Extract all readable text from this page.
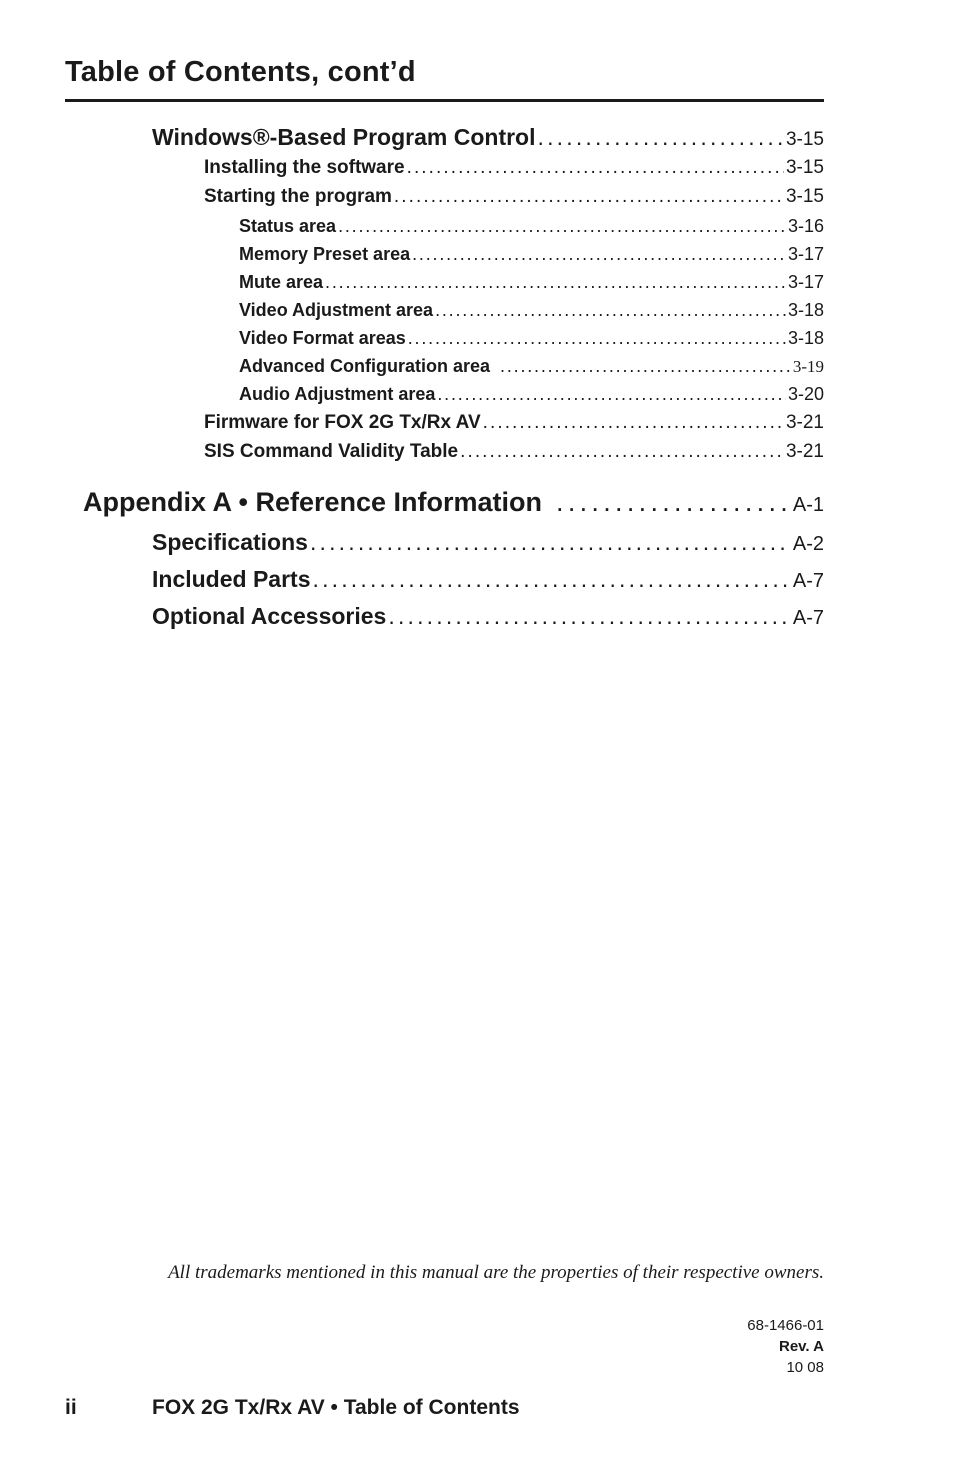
Table of Contents, cont’d
Windows®-Based Program Control . . .	3-15
Installing the software . . .	3-15
Starting the program . . .	3-15
Status area . . .	3-16
Memory Preset area . . .	3-17
Mute area . . .	3-17
Video Adjustment area . . .	3-18
Video Format areas . . .	3-18
Advanced Configuration area . . .	3-19
Audio Adjustment area . . .	3-20
Firmware for FOX 2G Tx/Rx AV . . .	3-21
SIS Command Validity Table . . .	3-21
Appendix A • Reference Information . . .	A-1
Specifications . . .	A-2
Included Parts . . .	A-7
Optional Accessories . . .	A-7
All trademarks mentioned in this manual are the properties of their respective owners.
68-1466-01
Rev. A
10 08
ii	FOX 2G Tx/Rx AV • Table of Contents
